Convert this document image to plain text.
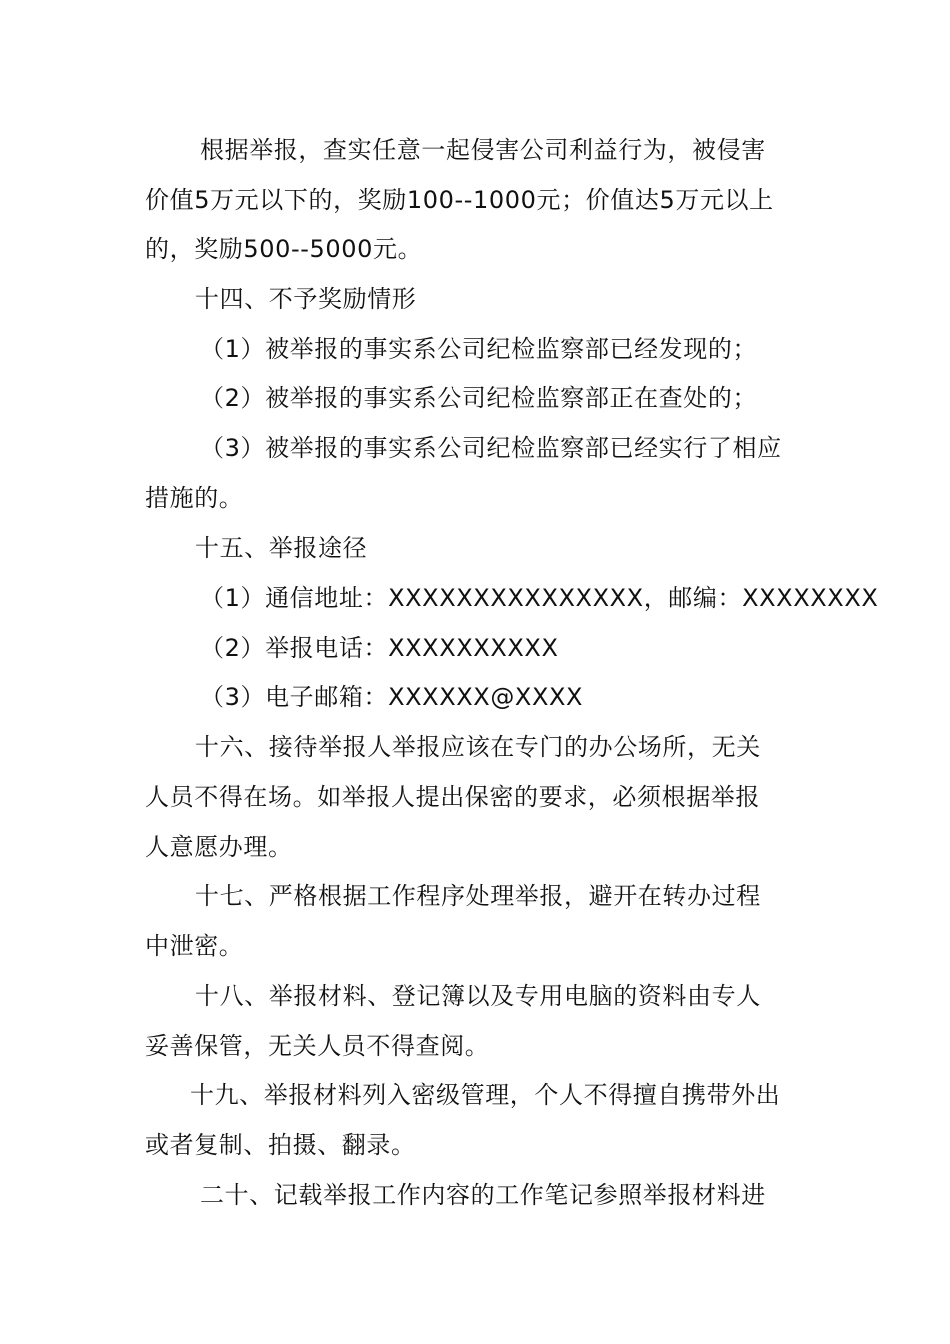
根据举报，查实任意一起侵害公司利益行为，被侵害
价值5万元以下的，奖励100--1000元；价值达5万元以上
的，奖励500--5000元。
十四、不予奖励情形
（1）被举报的事实系公司纪检监察部已经发现的；
（2）被举报的事实系公司纪检监察部正在查处的；
（3）被举报的事实系公司纪检监察部已经实行了相应
措施的。
十五、举报途径
（1）通信地址：XXXXXXXXXXXXXXX，邮编：XXXXXXXX
（2）举报电话：XXXXXXXXXX
（3）电子邮箱：XXXXXX@XXXX
十六、接待举报人举报应该在专门的办公场所，无关
人员不得在场。如举报人提出保密的要求，必须根据举报
人意愿办理。
十七、严格根据工作程序处理举报，避开在转办过程
中泄密。
十八、举报材料、登记簿以及专用电脑的资料由专人
妥善保管，无关人员不得查阅。
十九、举报材料列入密级管理，个人不得擅自携带外出
或者复制、拍摄、翻录。
二十、记载举报工作内容的工作笔记参照举报材料进
